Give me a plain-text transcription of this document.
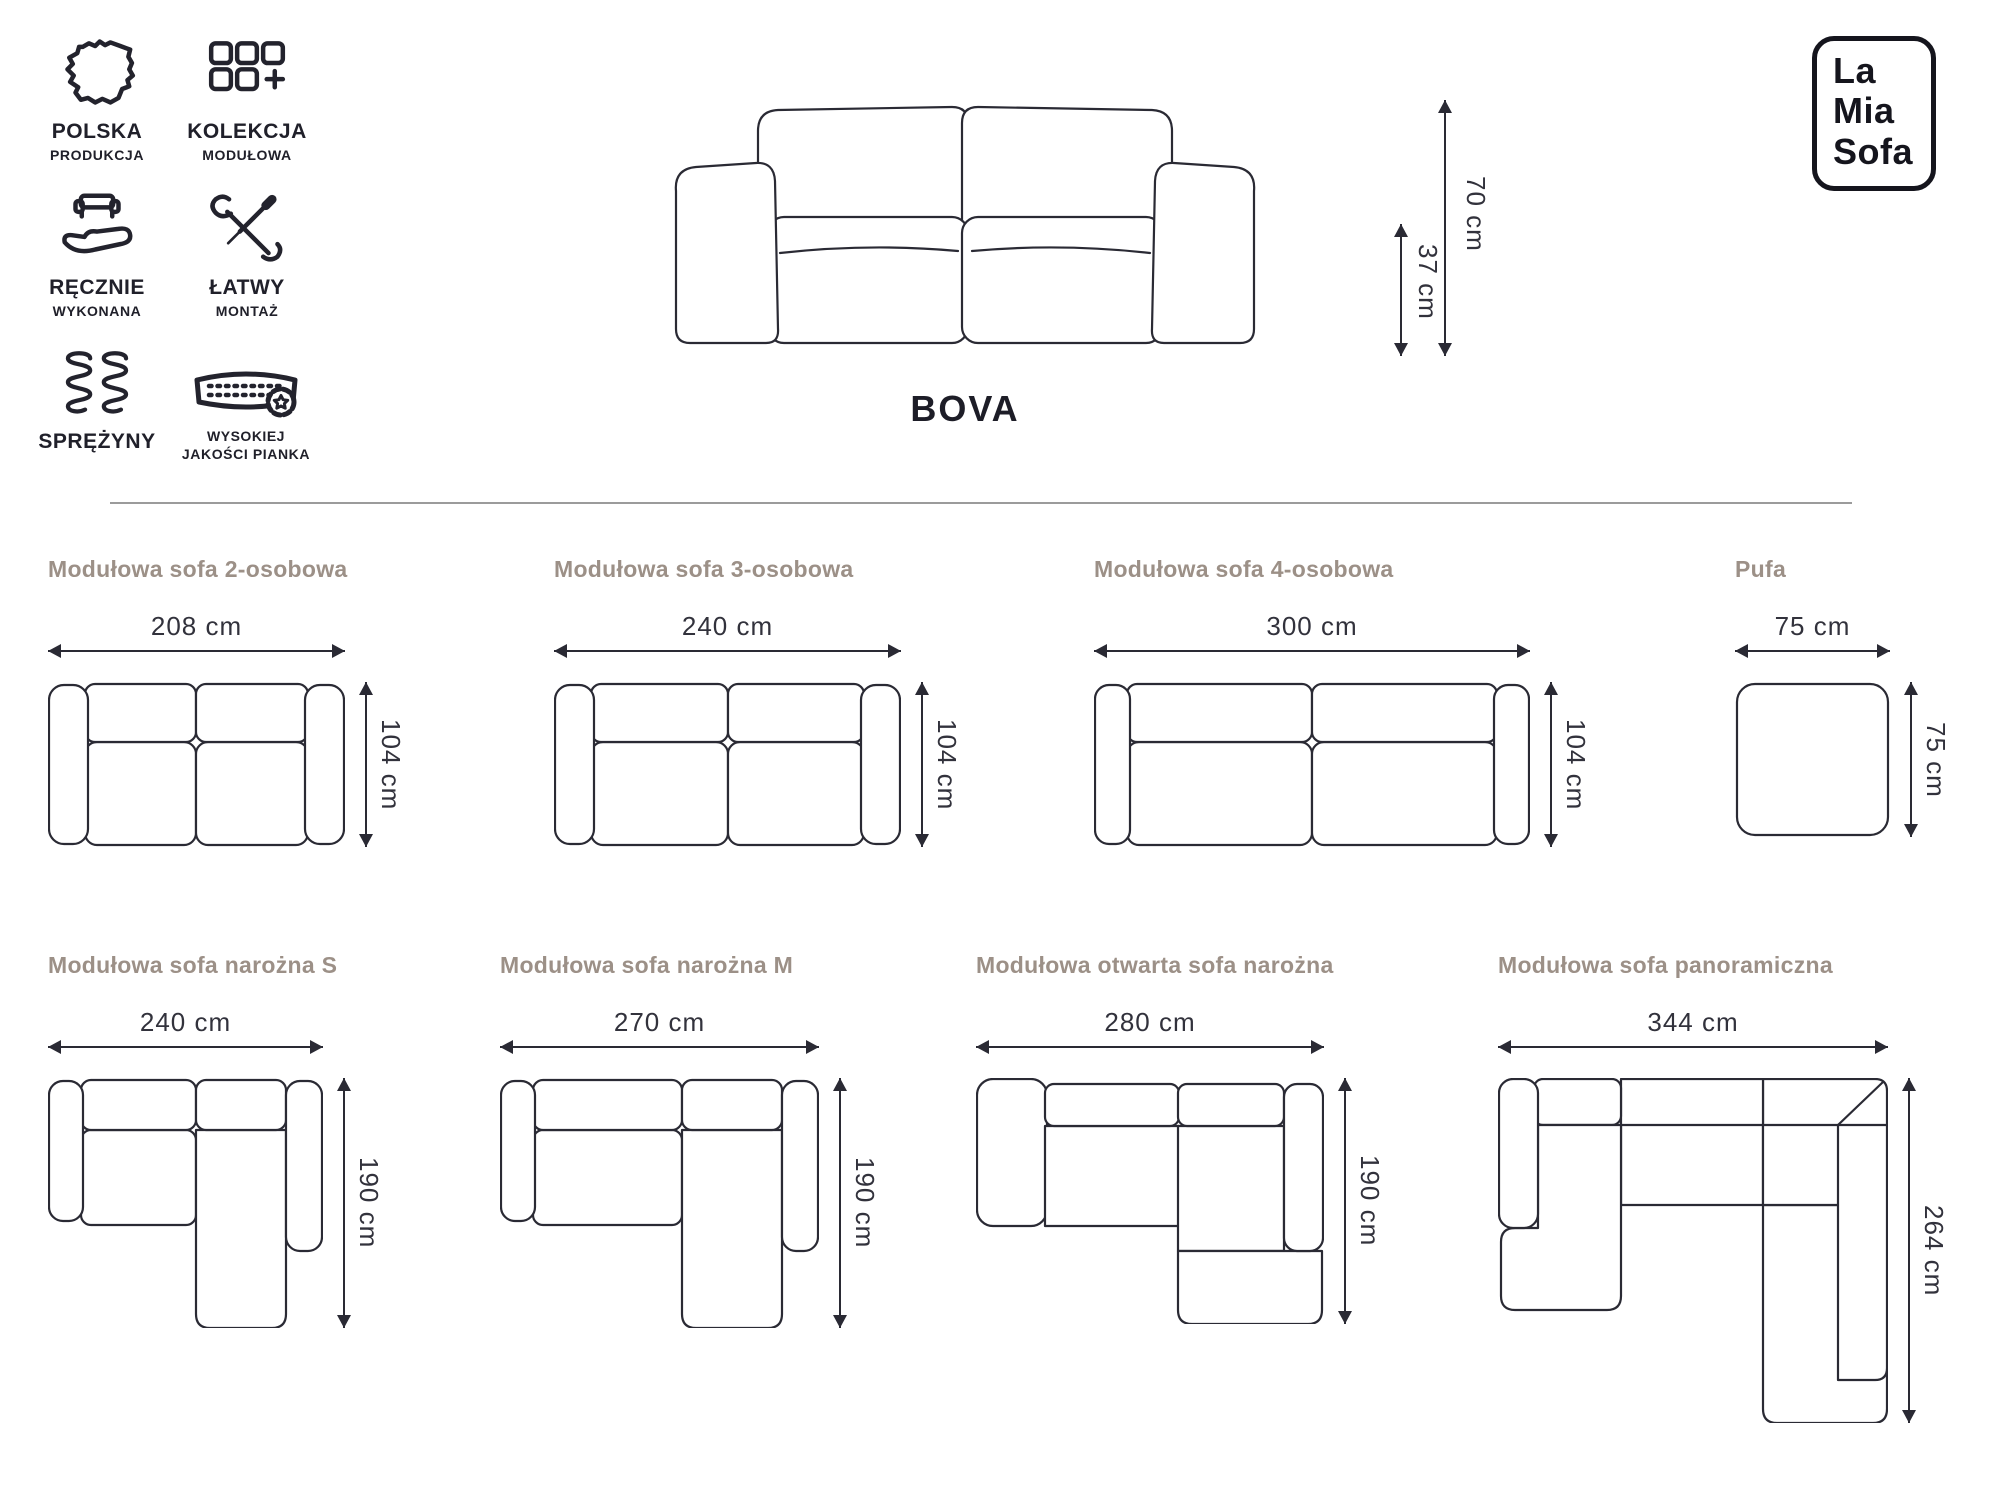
POLSKA
PRODUKCJA
KOLEKCJA
MODUŁOWA
RĘCZNIE
WYKONANA
ŁATWY
MONTAŻ
SPRĘŻYNY	WYSOKIEJ
JAKOŚCI PIANKA
70 cm
37 cm
BOVA
La
Mia
Sofa
Modułowa sofa 2-osobowa
208 cm
104 cm
Modułowa sofa 3-osobowa
240 cm
104 cm
Modułowa sofa 4-osobowa
300 cm
104 cm
Pufa
75 cm
75 cm
Modułowa sofa narożna S
240 cm
190 cm
Modułowa sofa narożna M
270 cm
190 cm
Modułowa otwarta sofa narożna
280 cm
190 cm
Modułowa sofa panoramiczna
344 cm
264 cm
